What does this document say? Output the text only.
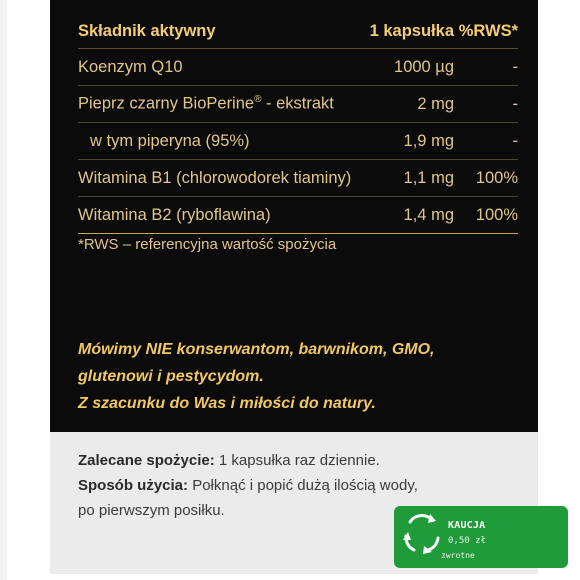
Składnik aktywny	1 kapsułka %RWS*
Koenzym Q10	1000 µg	-
Pieprz czarny BioPerine® - ekstrakt	2 mg	-
w tym piperyna (95%)	1,9 mg	-
Witamina B1 (chlorowodorek tiaminy)	1,1 mg	100%
Witamina B2 (ryboflawina)	1,4 mg	100%
*RWS – referencyjna wartość spożycia
Mówimy NIE konserwantom, barwnikom, GMO,
glutenowi i pestycydom.
Z szacunku do Was i miłości do natury.
Zalecane spożycie: 1 kapsułka raz dziennie.
Sposób użycia: Połknąć i popić dużą ilością wody,
po pierwszym posiłku.
KAUCJA
0,50 zł
zwrotne
